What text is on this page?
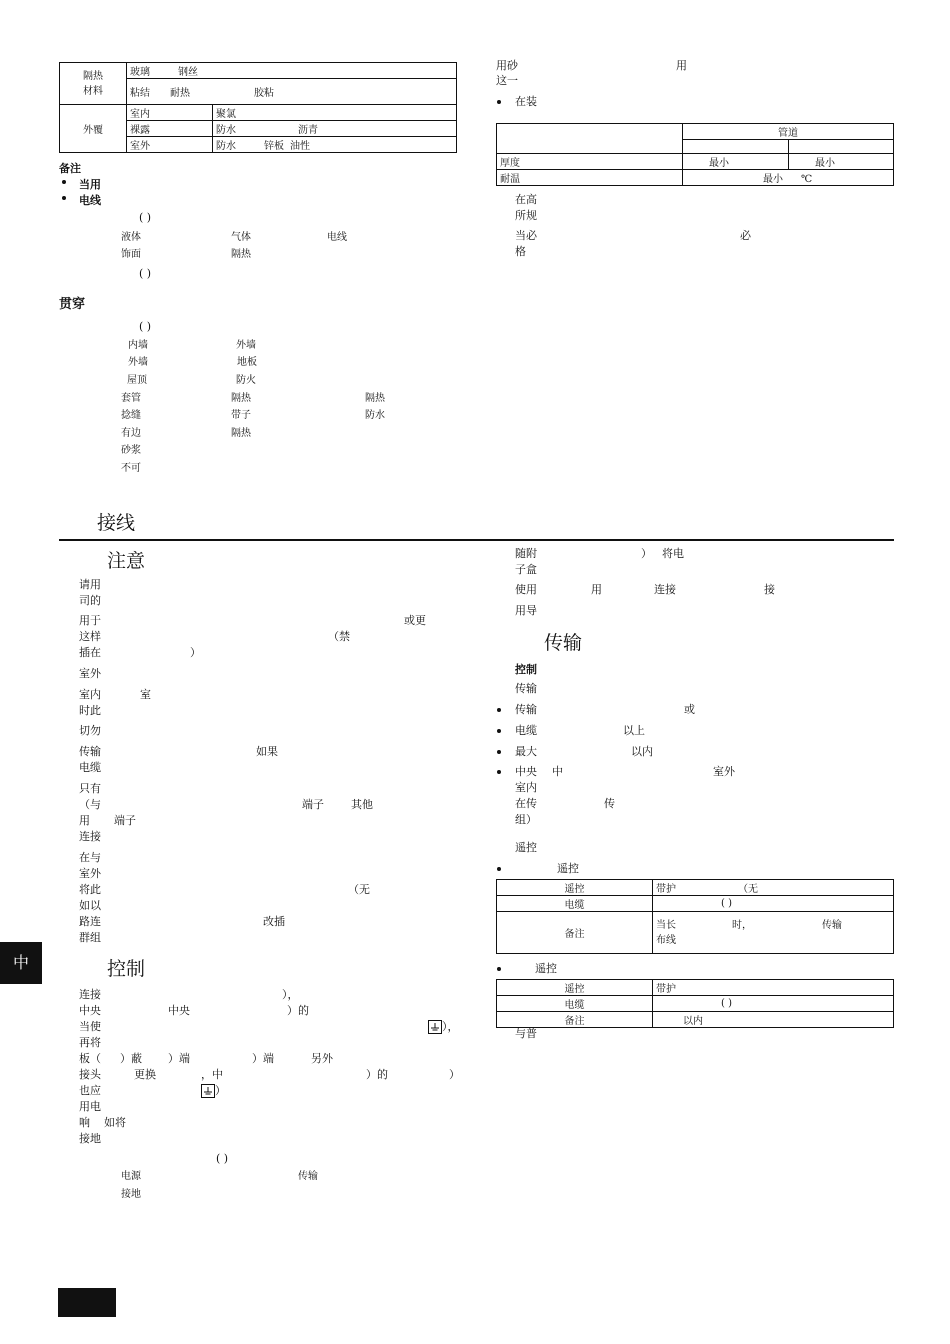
隔热
材料	玻璃 钢丝	
	粘结 耐热 胶粘	
外覆	室内	聚氯
	裸露	防水 沥青
	室外	防水 锌板 油性
备注
当用
电线
( )
液体	气体	电线
饰面	隔热
( )
贯穿
( )
内墙	外墙
外墙	地板
屋顶	防火
套管	隔热	隔热
捻缝	带子	防水
有边	隔热
砂浆
不可
用砂	用
这一
在装
	管道	

厚度	最小	最小
耐温	最小 ℃	
在高
所规
当必	必
格
接线
注意
请用
司的
用于	或更
这样	（禁
插在	）
室外
室内	室
时此
切勿
传输	如果
电缆
只有
（与	端子 其他
用 端子
连接
在与
室外
将此	（无
如以
路连	改插
群组
中	控制
连接	），
中央	中央	）的
当使	），
再将
板（ ）蔽 ）端	）端	另外
接头	更换	，中	）的	）
也应	）
用电
响 如将
接地
( )
电源	传输
接地
随附	） 将电
子盒
使用	用	连接	接
用导
传输
控制
传输
传输	或
电缆	以上
最大	以内
中央 中	室外
室内
在传	传
组）
遥控
遥控
遥控	带护 （无
电缆	( )
备注	当长 时， 传输
布线
遥控
遥控	带护
电缆	( )
备注	以内
与普
